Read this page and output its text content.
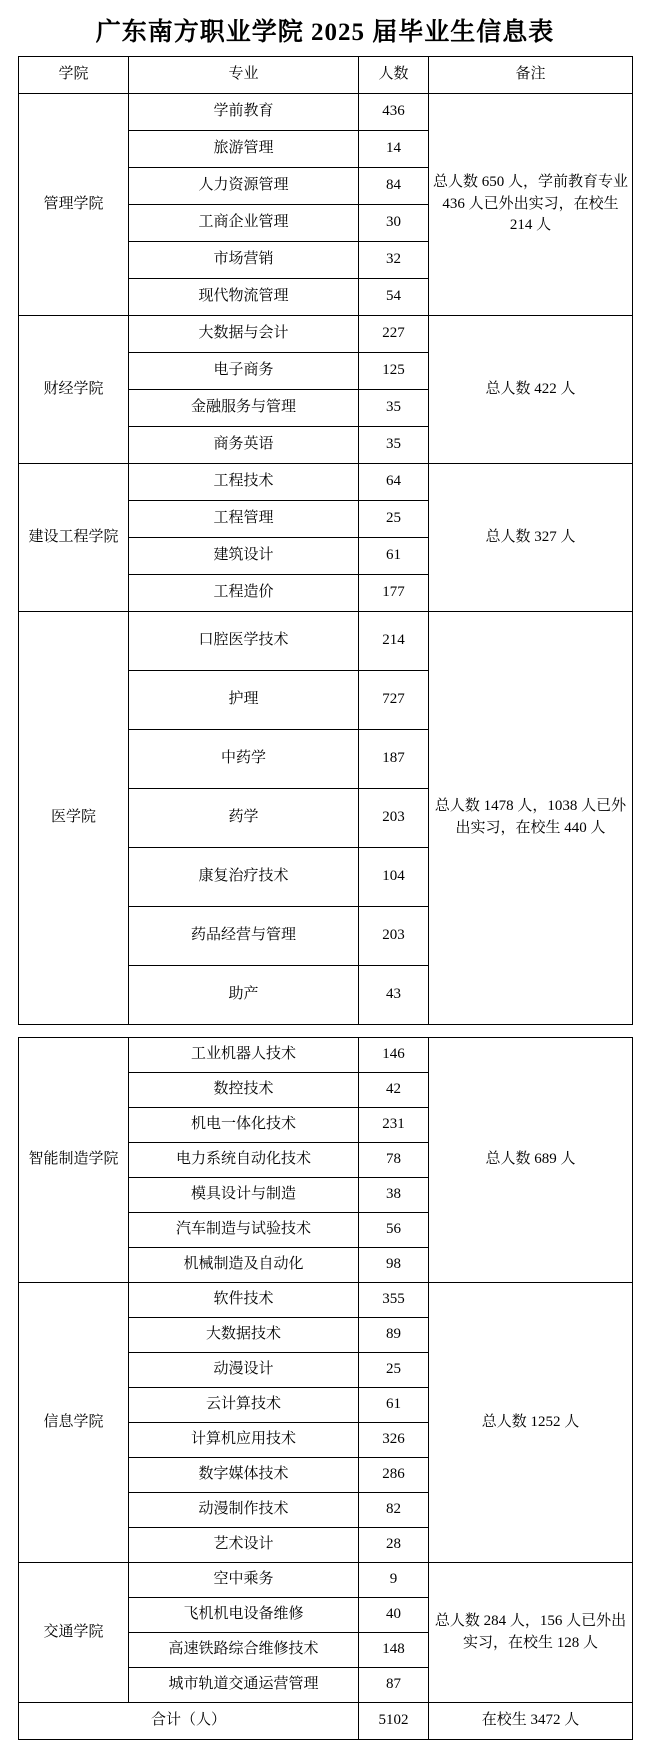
广东南方职业学院 2025 届毕业生信息表
学院	专业	人数	备注
管理学院	学前教育	436	总人数 650 人，学前教育专业 436 人已外出实习，在校生 214 人
	旅游管理	14	
	人力资源管理	84	
	工商企业管理	30	
	市场营销	32	
	现代物流管理	54	
财经学院	大数据与会计	227	总人数 422 人
	电子商务	125	
	金融服务与管理	35	
	商务英语	35	
建设工程学院	工程技术	64	总人数 327 人
	工程管理	25	
	建筑设计	61	
	工程造价	177	
医学院	口腔医学技术	214	总人数 1478 人，1038 人已外出实习，在校生 440 人
	护理	727	
	中药学	187	
	药学	203	
	康复治疗技术	104	
	药品经营与管理	203	
	助产	43	
智能制造学院	工业机器人技术	146	总人数 689 人
	数控技术	42	
	机电一体化技术	231	
	电力系统自动化技术	78	
	模具设计与制造	38	
	汽车制造与试验技术	56	
	机械制造及自动化	98	
信息学院	软件技术	355	总人数 1252 人
	大数据技术	89	
	动漫设计	25	
	云计算技术	61	
	计算机应用技术	326	
	数字媒体技术	286	
	动漫制作技术	82	
	艺术设计	28	
交通学院	空中乘务	9	总人数 284 人，156 人已外出实习，在校生 128 人
	飞机机电设备维修	40	
	高速铁路综合维修技术	148	
	城市轨道交通运营管理	87	
合计（人）		5102	在校生 3472 人
